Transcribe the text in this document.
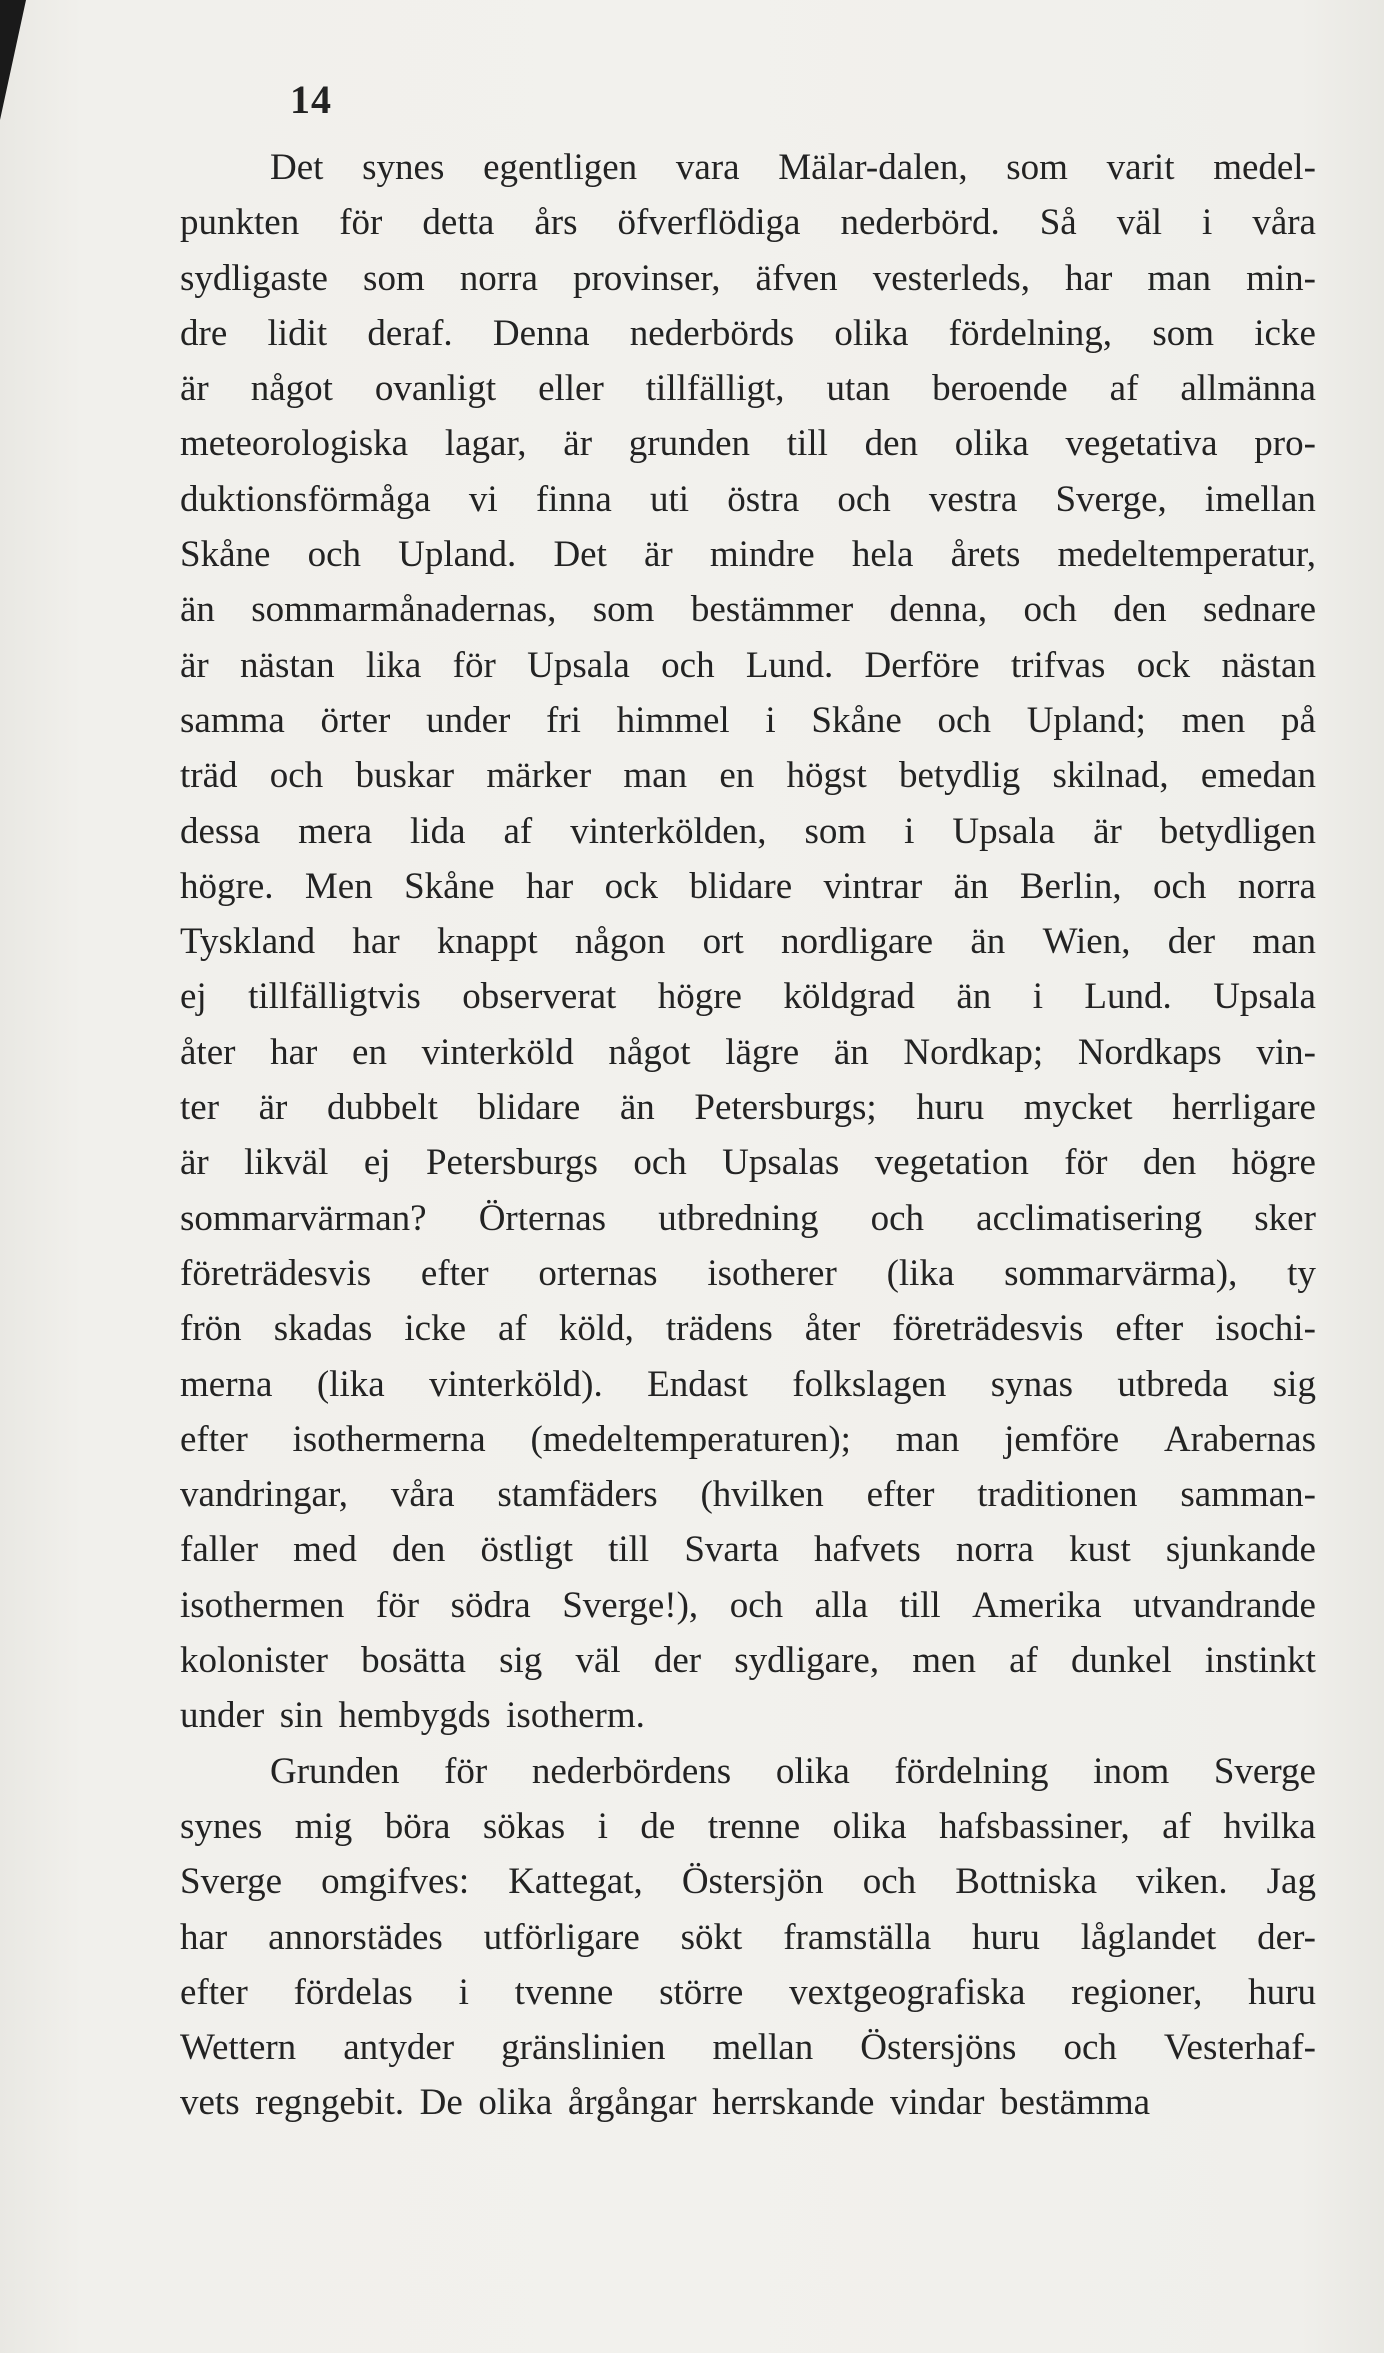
14
Det synes egentligen vara Mälar-dalen, som varit medel-
punkten för detta års öfverflödiga nederbörd. Så väl i våra
sydligaste som norra provinser, äfven vesterleds, har man min-
dre lidit deraf. Denna nederbörds olika fördelning, som icke
är något ovanligt eller tillfälligt, utan beroende af allmänna
meteorologiska lagar, är grunden till den olika vegetativa pro-
duktionsförmåga vi finna uti östra och vestra Sverge, imellan
Skåne och Upland. Det är mindre hela årets medeltemperatur,
än sommarmånadernas, som bestämmer denna, och den sednare
är nästan lika för Upsala och Lund. Derföre trifvas ock nästan
samma örter under fri himmel i Skåne och Upland; men på
träd och buskar märker man en högst betydlig skilnad, emedan
dessa mera lida af vinterkölden, som i Upsala är betydligen
högre. Men Skåne har ock blidare vintrar än Berlin, och norra
Tyskland har knappt någon ort nordligare än Wien, der man
ej tillfälligtvis observerat högre köldgrad än i Lund. Upsala
åter har en vinterköld något lägre än Nordkap; Nordkaps vin-
ter är dubbelt blidare än Petersburgs; huru mycket herrligare
är likväl ej Petersburgs och Upsalas vegetation för den högre
sommarvärman? Örternas utbredning och acclimatisering sker
företrädesvis efter orternas isotherer (lika sommarvärma), ty
frön skadas icke af köld, trädens åter företrädesvis efter isochi-
merna (lika vinterköld). Endast folkslagen synas utbreda sig
efter isothermerna (medeltemperaturen); man jemföre Arabernas
vandringar, våra stamfäders (hvilken efter traditionen samman-
faller med den östligt till Svarta hafvets norra kust sjunkande
isothermen för södra Sverge!), och alla till Amerika utvandrande
kolonister bosätta sig väl der sydligare, men af dunkel instinkt
under sin hembygds isotherm.
Grunden för nederbördens olika fördelning inom Sverge
synes mig böra sökas i de trenne olika hafsbassiner, af hvilka
Sverge omgifves: Kattegat, Östersjön och Bottniska viken. Jag
har annorstädes utförligare sökt framställa huru låglandet der-
efter fördelas i tvenne större vextgeografiska regioner, huru
Wettern antyder gränslinien mellan Östersjöns och Vesterhaf-
vets regngebit. De olika årgångar herrskande vindar bestämma
